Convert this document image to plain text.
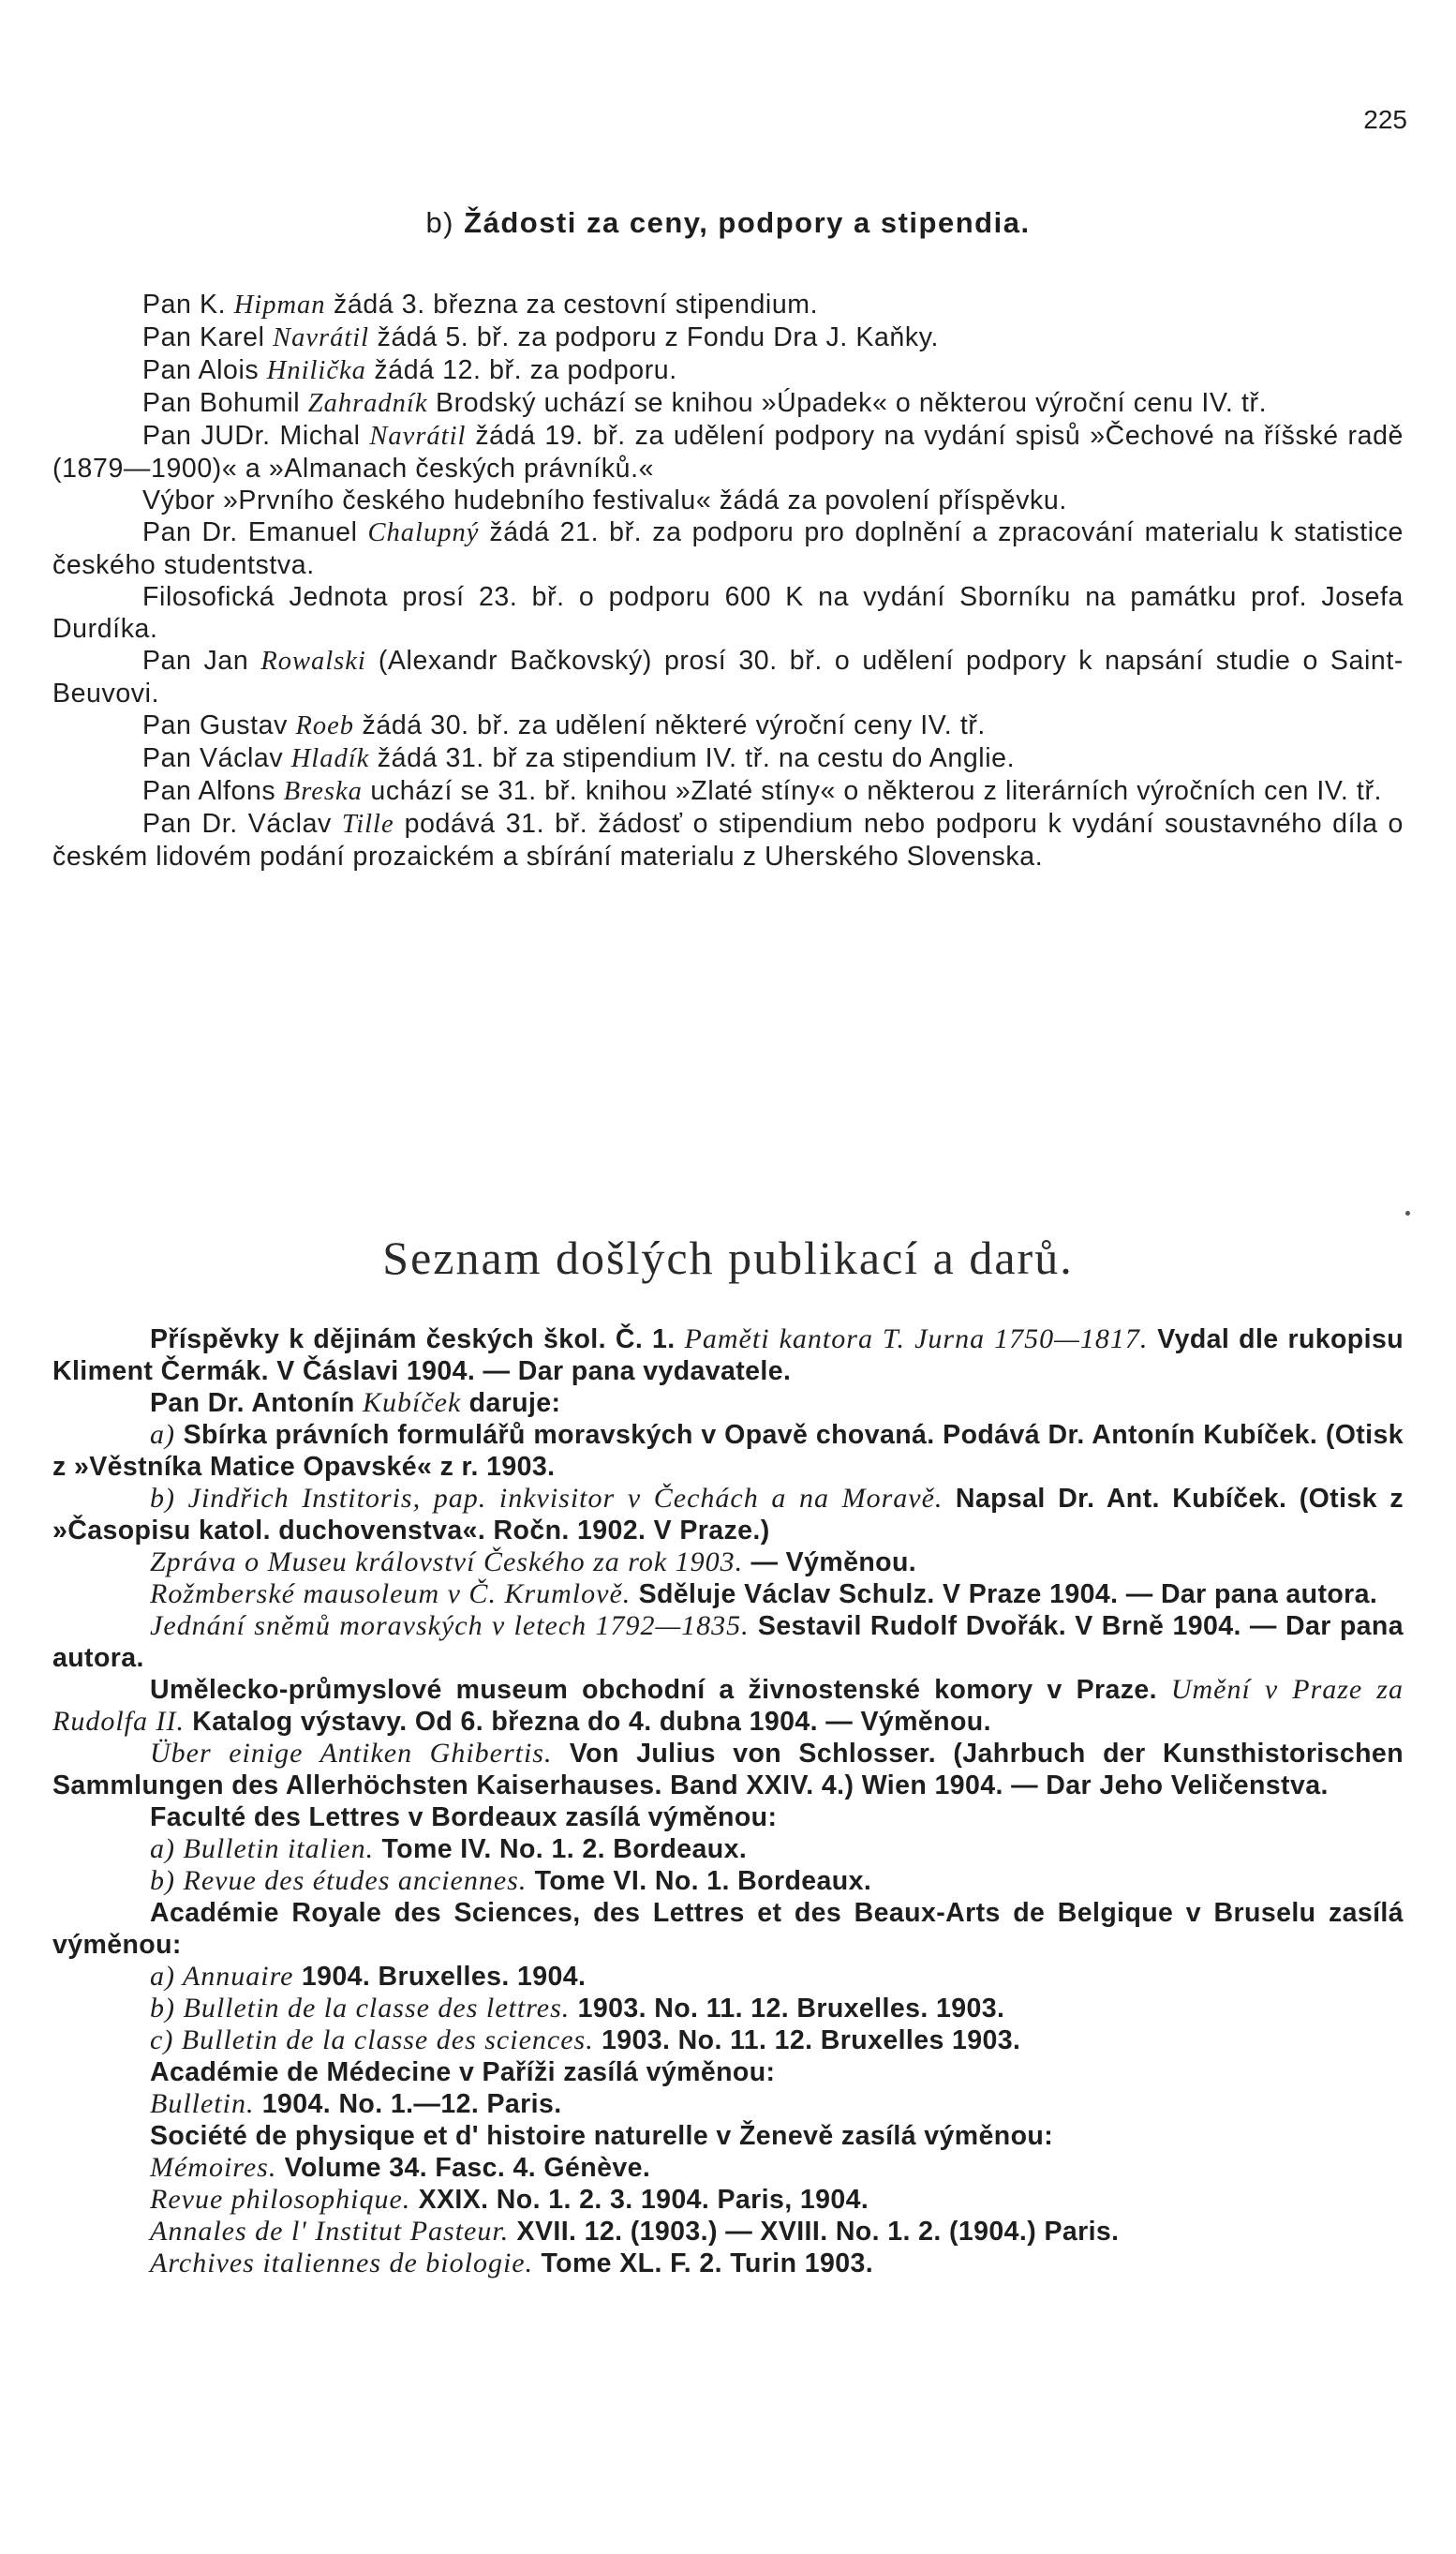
225
b) Žádosti za ceny, podpory a stipendia.

Pan K. Hipman žádá 3. března za cestovní stipendium.

Pan Karel Navrátil žádá 5. bř. za podporu z Fondu Dra J. Kaňky.

Pan Alois Hnilička žádá 12. bř. za podporu.

Pan Bohumil Zahradník Brodský uchází se knihou »Úpadek« o některou výroční cenu IV. tř.

Pan JUDr. Michal Navrátil žádá 19. bř. za udělení podpory na vydání spisů »Čechové na říšské radě (1879—1900)« a »Almanach českých právníků.«

Výbor »Prvního českého hudebního festivalu« žádá za povolení příspěvku.

Pan Dr. Emanuel Chalupný žádá 21. bř. za podporu pro doplnění a zpracování materialu k statistice českého studentstva.

Filosofická Jednota prosí 23. bř. o podporu 600 K na vydání Sborníku na památku prof. Josefa Durdíka.

Pan Jan Rowalski (Alexandr Bačkovský) prosí 30. bř. o udělení podpory k napsání studie o Saint-Beuvovi.

Pan Gustav Roeb žádá 30. bř. za udělení některé výroční ceny IV. tř.

Pan Václav Hladík žádá 31. bř za stipendium IV. tř. na cestu do Anglie.

Pan Alfons Breska uchází se 31. bř. knihou »Zlaté stíny« o některou z literárních výročních cen IV. tř.

Pan Dr. Václav Tille podává 31. bř. žádosť o stipendium nebo podporu k vydání soustavného díla o českém lidovém podání prozaickém a sbírání materialu z Uherského Slovenska.

Seznam došlých publikací a darů.

Příspěvky k dějinám českých škol. Č. 1. Paměti kantora T. Jurna 1750—1817. Vydal dle rukopisu Kliment Čermák. V Čáslavi 1904. — Dar pana vydavatele.

Pan Dr. Antonín Kubíček daruje:

a) Sbírka právních formulářů moravských v Opavě chovaná. Podává Dr. Antonín Kubíček. (Otisk z »Věstníka Matice Opavské« z r. 1903.

b) Jindřich Institoris, pap. inkvisitor v Čechách a na Moravě. Napsal Dr. Ant. Kubíček. (Otisk z »Časopisu katol. duchovenstva«. Ročn. 1902. V Praze.)

Zpráva o Museu království Českého za rok 1903. — Výměnou.

Rožmberské mausoleum v Č. Krumlově. Sděluje Václav Schulz. V Praze 1904. — Dar pana autora.

Jednání sněmů moravských v letech 1792—1835. Sestavil Rudolf Dvořák. V Brně 1904. — Dar pana autora.

Umělecko-průmyslové museum obchodní a živnostenské komory v Praze. Umění v Praze za Rudolfa II. Katalog výstavy. Od 6. března do 4. dubna 1904. — Výměnou.

Über einige Antiken Ghibertis. Von Julius von Schlosser. (Jahrbuch der Kunsthistorischen Sammlungen des Allerhöchsten Kaiserhauses. Band XXIV. 4.) Wien 1904. — Dar Jeho Veličenstva.

Faculté des Lettres v Bordeaux zasílá výměnou:

a) Bulletin italien. Tome IV. No. 1. 2. Bordeaux.

b) Revue des études anciennes. Tome VI. No. 1. Bordeaux.

Académie Royale des Sciences, des Lettres et des Beaux-Arts de Belgique v Bruselu zasílá výměnou:

a) Annuaire 1904. Bruxelles. 1904.

b) Bulletin de la classe des lettres. 1903. No. 11. 12. Bruxelles. 1903.

c) Bulletin de la classe des sciences. 1903. No. 11. 12. Bruxelles 1903.

Académie de Médecine v Paříži zasílá výměnou:

Bulletin. 1904. No. 1.—12. Paris.

Société de physique et d' histoire naturelle v Ženevě zasílá výměnou:

Mémoires. Volume 34. Fasc. 4. Génève.

Revue philosophique. XXIX. No. 1. 2. 3. 1904. Paris, 1904.

Annales de l' Institut Pasteur. XVII. 12. (1903.) — XVIII. No. 1. 2. (1904.) Paris.

Archives italiennes de biologie. Tome XL. F. 2. Turin 1903.
